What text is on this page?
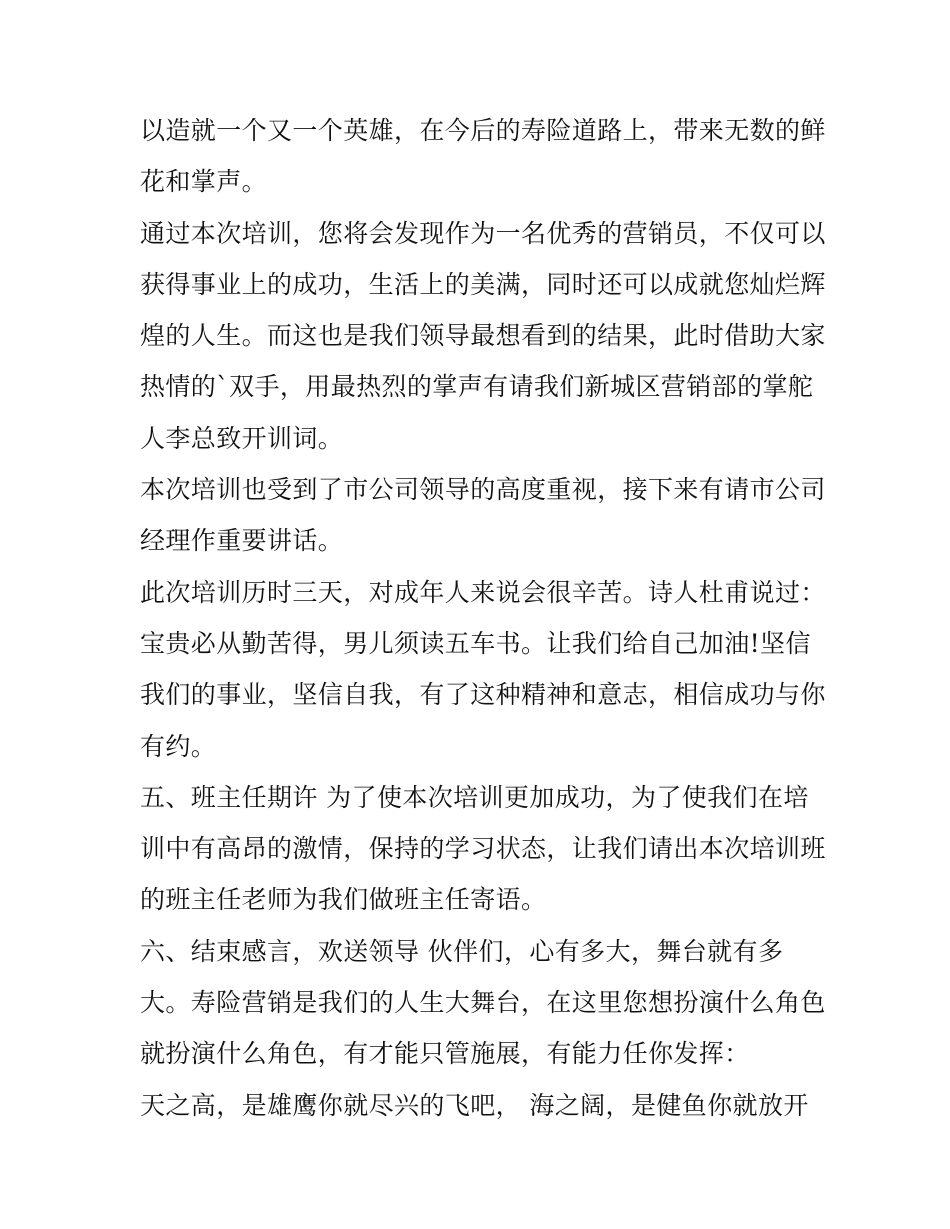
以造就一个又一个英雄，在今后的寿险道路上，带来无数的鲜
花和掌声。
通过本次培训，您将会发现作为一名优秀的营销员，不仅可以
获得事业上的成功，生活上的美满，同时还可以成就您灿烂辉
煌的人生。而这也是我们领导最想看到的结果，此时借助大家
热情的`双手，用最热烈的掌声有请我们新城区营销部的掌舵
人李总致开训词。
本次培训也受到了市公司领导的高度重视，接下来有请市公司
经理作重要讲话。
此次培训历时三天，对成年人来说会很辛苦。诗人杜甫说过：
宝贵必从勤苦得，男儿须读五车书。让我们给自己加油!坚信
我们的事业，坚信自我，有了这种精神和意志，相信成功与你
有约。
五、班主任期许 为了使本次培训更加成功，为了使我们在培
训中有高昂的激情，保持的学习状态，让我们请出本次培训班
的班主任老师为我们做班主任寄语。
六、结束感言，欢送领导 伙伴们，心有多大，舞台就有多
大。寿险营销是我们的人生大舞台，在这里您想扮演什么角色
就扮演什么角色，有才能只管施展，有能力任你发挥：
天之高，是雄鹰你就尽兴的飞吧， 海之阔，是健鱼你就放开
